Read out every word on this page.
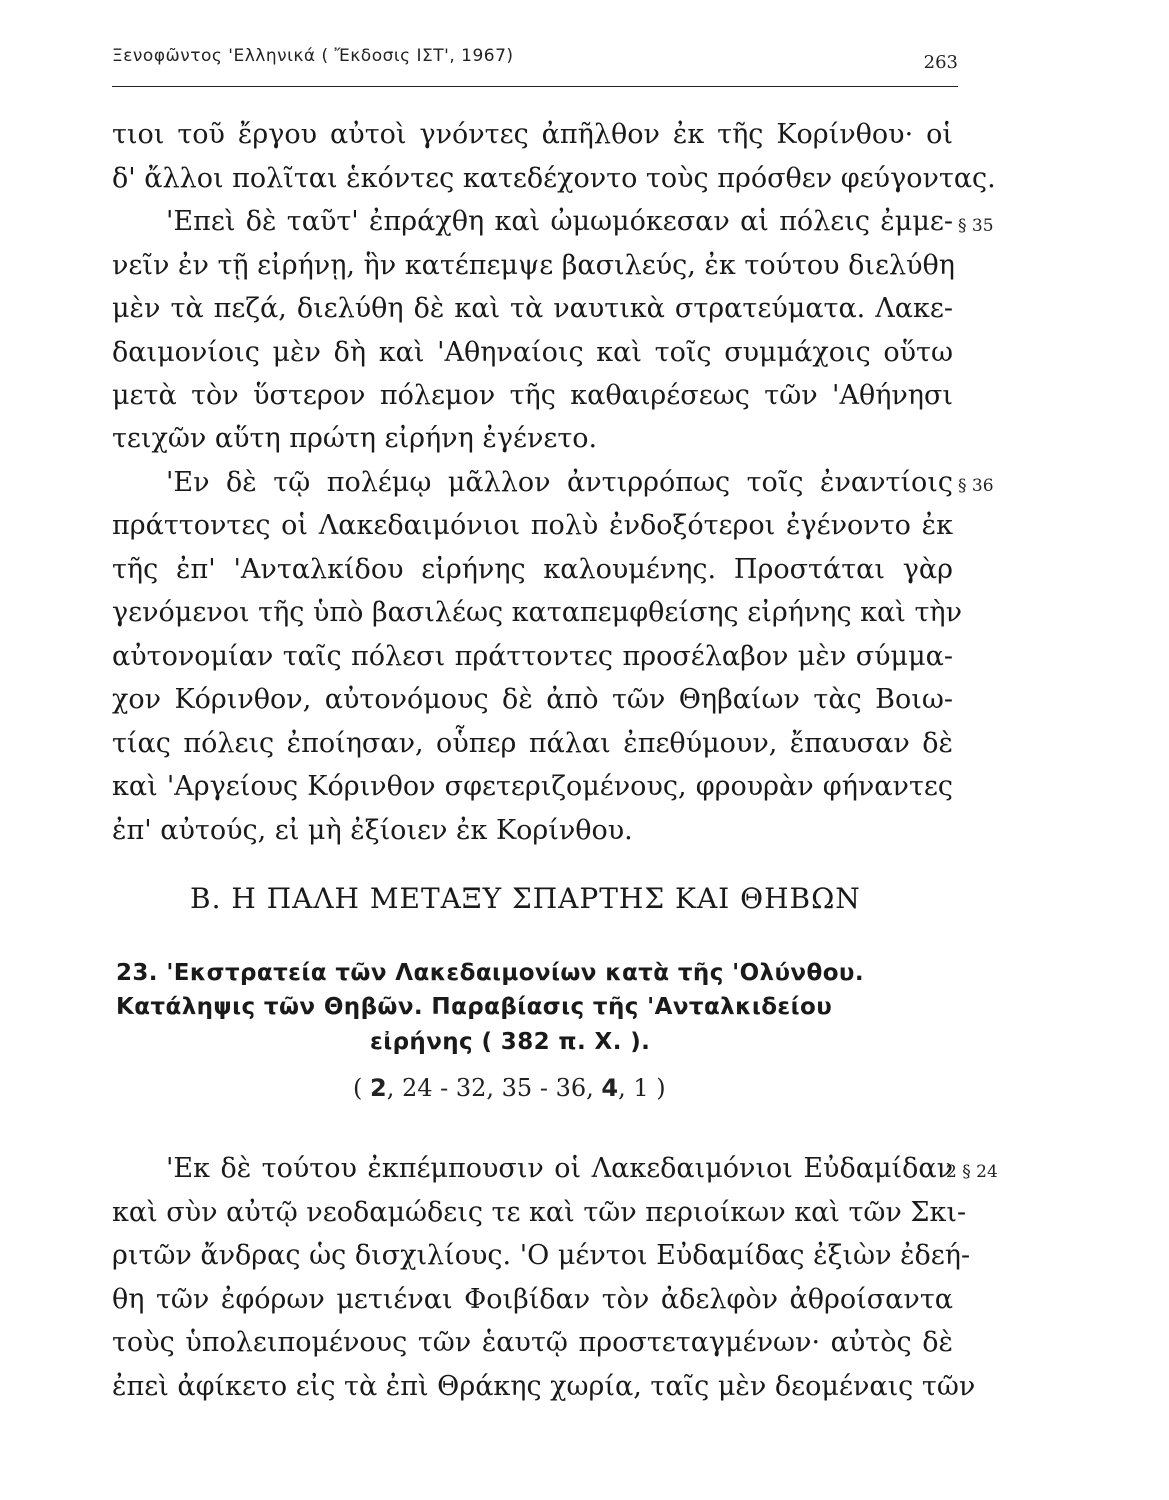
Ξενοφῶντος 'Ελληνικά ( Ἔκδοσις ΙΣΤ', 1967)	263
τιοι τοῦ ἔργου αὐτοὶ γνόντες ἀπῆλθον ἐκ τῆς Κορίνθου· οἱ
δ' ἄλλοι πολῖται ἑκόντες κατεδέχοντο τοὺς πρόσθεν φεύγοντας.
'Επεὶ δὲ ταῦτ' ἐπράχθη καὶ ὠμωμόκεσαν αἱ πόλεις ἐμμε-
νεῖν ἐν τῇ εἰρήνῃ, ἣν κατέπεμψε βασιλεύς, ἐκ τούτου διελύθη
μὲν τὰ πεζά, διελύθη δὲ καὶ τὰ ναυτικὰ στρατεύματα. Λακε-
δαιμονίοις μὲν δὴ καὶ 'Αθηναίοις καὶ τοῖς συμμάχοις οὕτω
μετὰ τὸν ὕστερον πόλεμον τῆς καθαιρέσεως τῶν 'Αθήνησι
τειχῶν αὕτη πρώτη εἰρήνη ἐγένετο.
'Εν δὲ τῷ πολέμῳ μᾶλλον ἀντιρρόπως τοῖς ἐναντίοις
πράττοντες οἱ Λακεδαιμόνιοι πολὺ ἐνδοξότεροι ἐγένοντο ἐκ
τῆς ἐπ' 'Ανταλκίδου εἰρήνης καλουμένης. Προστάται γὰρ
γενόμενοι τῆς ὑπὸ βασιλέως καταπεμφθείσης εἰρήνης καὶ τὴν
αὐτονομίαν ταῖς πόλεσι πράττοντες προσέλαβον μὲν σύμμα-
χον Κόρινθον, αὐτονόμους δὲ ἀπὸ τῶν Θηβαίων τὰς Βοιω-
τίας πόλεις ἐποίησαν, οὗπερ πάλαι ἐπεθύμουν, ἔπαυσαν δὲ
καὶ 'Αργείους Κόρινθον σφετεριζομένους, φρουρὰν φήναντες
ἐπ' αὐτούς, εἰ μὴ ἐξίοιεν ἐκ Κορίνθου.
§ 35
§ 36
Β. Η ΠΑΛΗ ΜΕΤΑΞΥ ΣΠΑΡΤΗΣ ΚΑΙ ΘΗΒΩΝ
23. 'Εκστρατεία τῶν Λακεδαιμονίων κατὰ τῆς 'Ολύνθου.
Κατάληψις τῶν Θηβῶν. Παραβίασις τῆς 'Ανταλκιδείου
εἰρήνης ( 382 π. Χ. ).
( 2, 24 - 32, 35 - 36, 4, 1 )
'Εκ δὲ τούτου ἐκπέμπουσιν οἱ Λακεδαιμόνιοι Εὐδαμίδαν
καὶ σὺν αὐτῷ νεοδαμώδεις τε καὶ τῶν περιοίκων καὶ τῶν Σκι-
ριτῶν ἄνδρας ὡς δισχιλίους. 'Ο μέντοι Εὐδαμίδας ἐξιὼν ἐδεή-
θη τῶν ἐφόρων μετιέναι Φοιβίδαν τὸν ἀδελφὸν ἀθροίσαντα
τοὺς ὑπολειπομένους τῶν ἑαυτῷ προστεταγμένων· αὐτὸς δὲ
ἐπεὶ ἀφίκετο εἰς τὰ ἐπὶ Θράκης χωρία, ταῖς μὲν δεομέναις τῶν
2 § 24
